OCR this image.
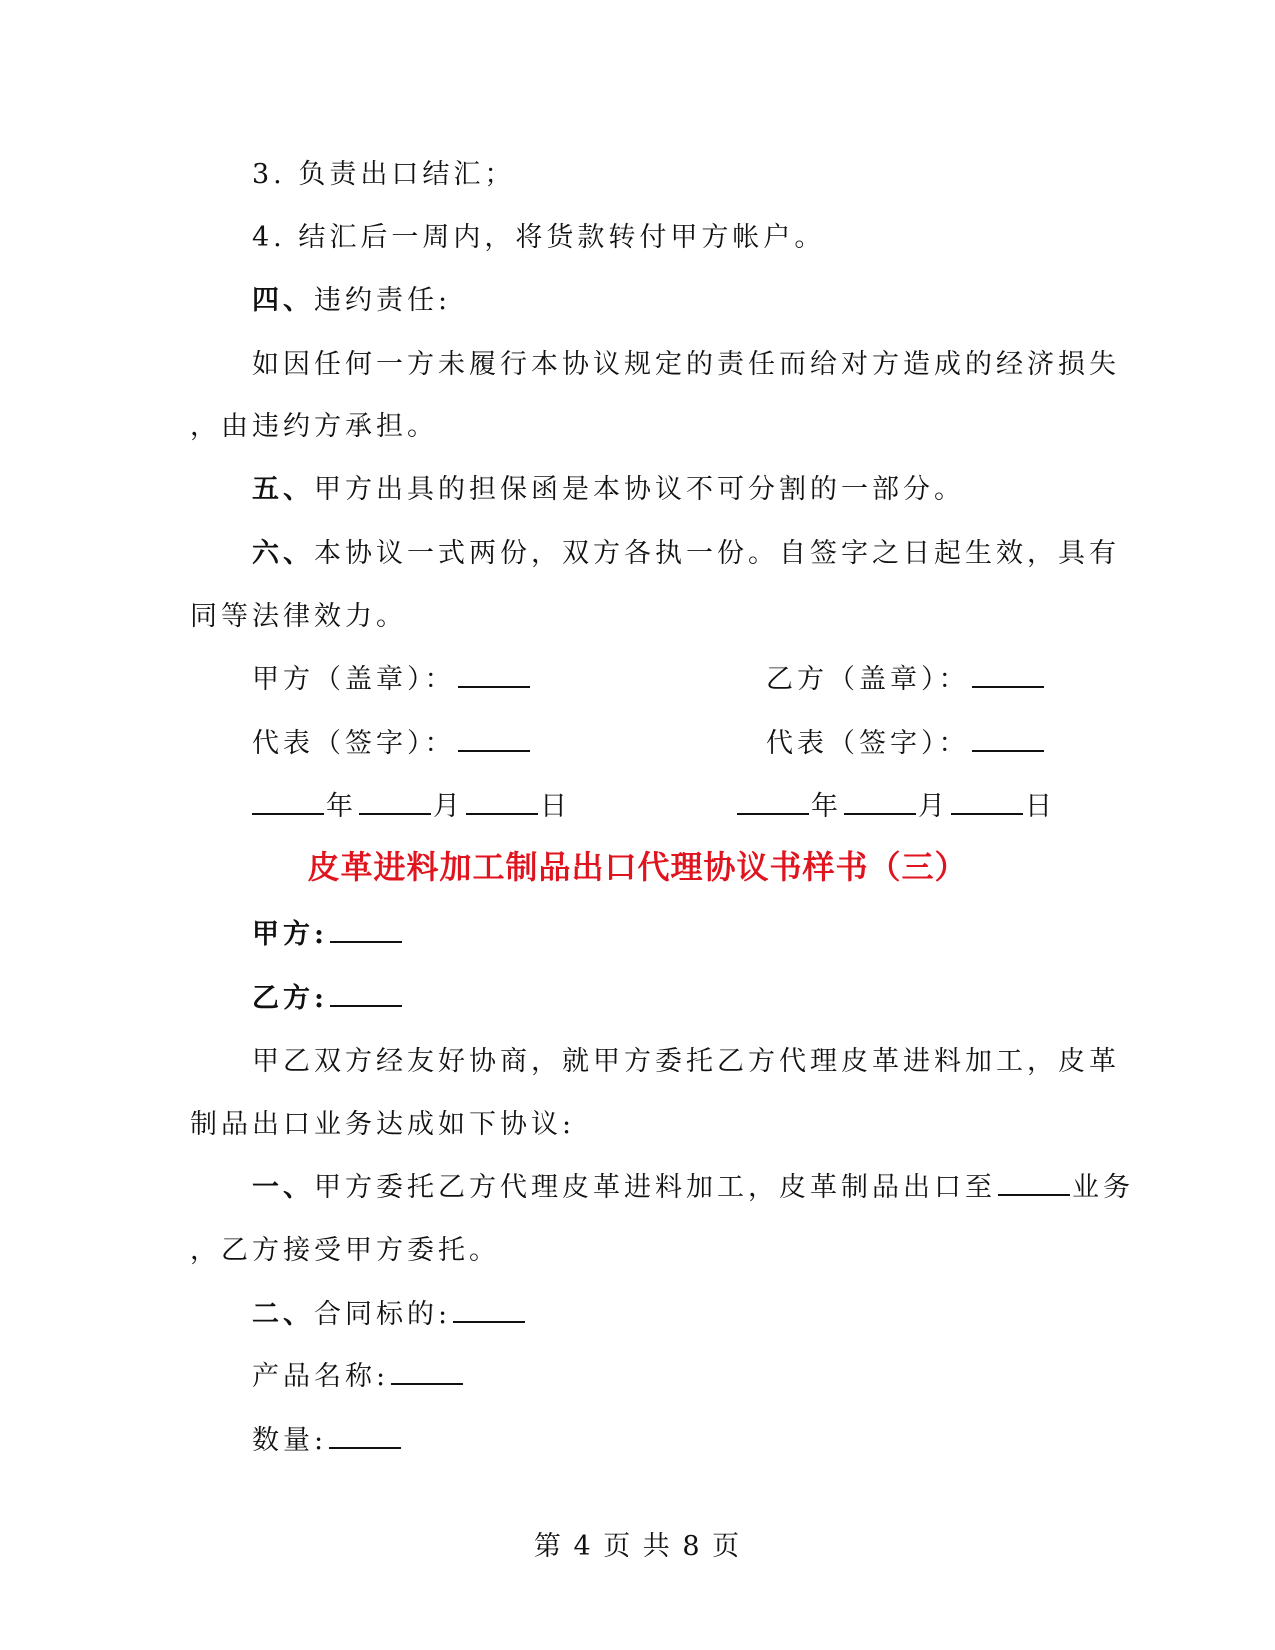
3. 负责出口结汇；
4. 结汇后一周内，将货款转付甲方帐户。
四、违约责任:
如因任何一方未履行本协议规定的责任而给对方造成的经济损失
，由违约方承担。
五、甲方出具的担保函是本协议不可分割的一部分。
六、本协议一式两份，双方各执一份。自签字之日起生效，具有
同等法律效力。
甲方（盖章）：	乙方（盖章）：
代表（签字）：	代表（签字）：
年	月	日	年	月	日
皮革进料加工制品出口代理协议书样书（三）
甲方:
乙方:
甲乙双方经友好协商，就甲方委托乙方代理皮革进料加工，皮革
制品出口业务达成如下协议:
一、甲方委托乙方代理皮革进料加工，皮革制品出口至	业务
，乙方接受甲方委托。
二、合同标的:
产品名称:
数量:
第 4 页 共 8 页
